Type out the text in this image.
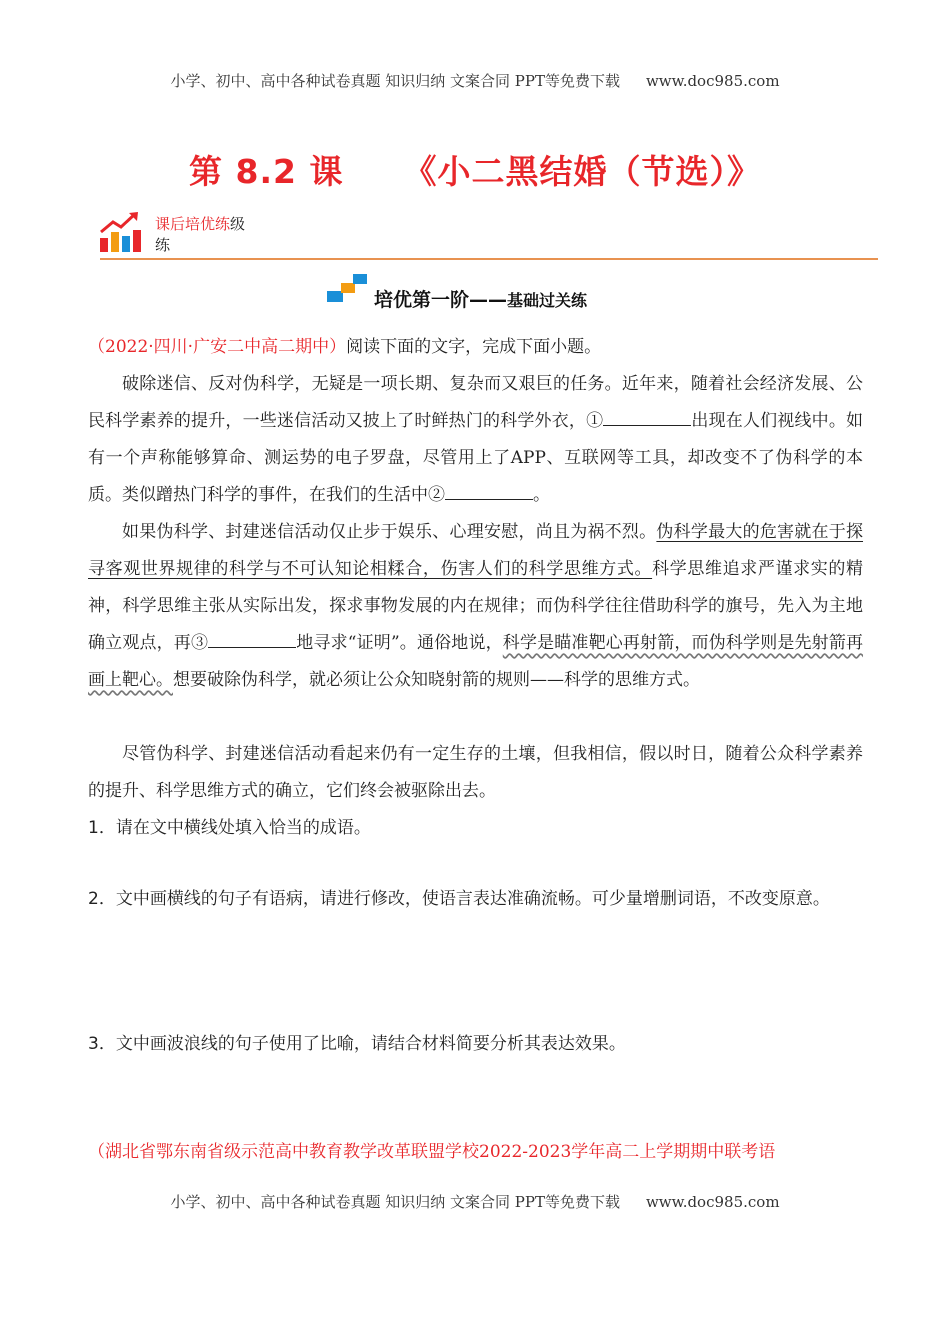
小学、初中、高中各种试卷真题 知识归纳 文案合同 PPT等免费下载 www.doc985.com
第 8.2 课 《小二黑结婚（节选）》
课后培优练级
练
培优第一阶——基础过关练
（2022·四川·广安二中高二期中）阅读下面的文字，完成下面小题。
破除迷信、反对伪科学，无疑是一项长期、复杂而又艰巨的任务。近年来，随着社会经济发展、公民科学素养的提升，一些迷信活动又披上了时鲜热门的科学外衣，①	出现在人们视线中。如有一个声称能够算命、测运势的电子罗盘，尽管用上了APP、互联网等工具，却改变不了伪科学的本质。类似蹭热门科学的事件，在我们的生活中②	。
如果伪科学、封建迷信活动仅止步于娱乐、心理安慰，尚且为祸不烈。伪科学最大的危害就在于探寻客观世界规律的科学与不可认知论相糅合，伤害人们的科学思维方式。科学思维追求严谨求实的精神，科学思维主张从实际出发，探求事物发展的内在规律；而伪科学往往借助科学的旗号，先入为主地确立观点，再③	地寻求“证明”。通俗地说，科学是瞄准靶心再射箭，而伪科学则是先射箭再画上靶心。想要破除伪科学，就必须让公众知晓射箭的规则——科学的思维方式。
尽管伪科学、封建迷信活动看起来仍有一定生存的土壤，但我相信，假以时日，随着公众科学素养的提升、科学思维方式的确立，它们终会被驱除出去。
1．请在文中横线处填入恰当的成语。
2．文中画横线的句子有语病，请进行修改，使语言表达准确流畅。可少量增删词语，不改变原意。
3．文中画波浪线的句子使用了比喻，请结合材料简要分析其表达效果。
（湖北省鄂东南省级示范高中教育教学改革联盟学校2022-2023学年高二上学期期中联考语
小学、初中、高中各种试卷真题 知识归纳 文案合同 PPT等免费下载 www.doc985.com
